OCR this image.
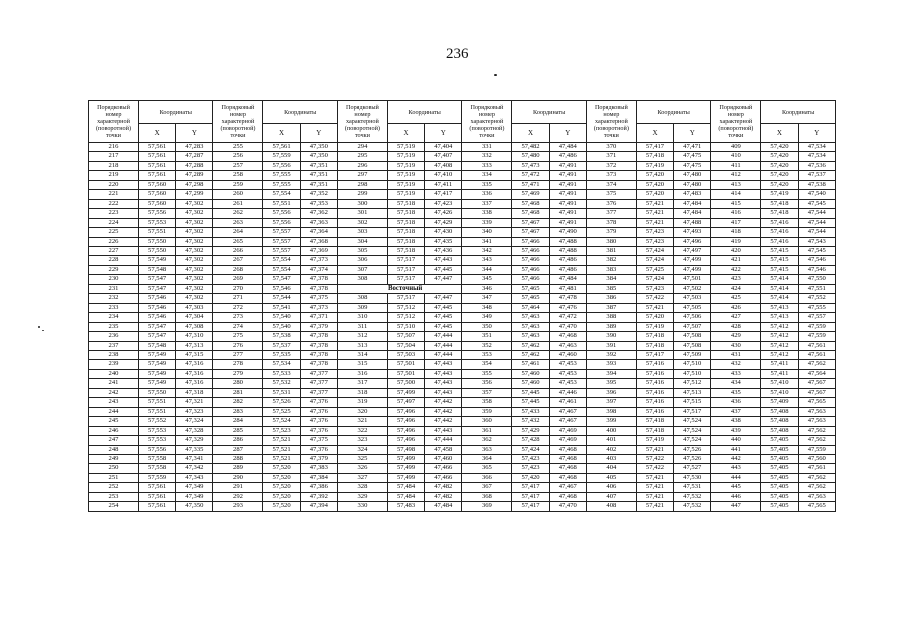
236
Порядковый номер характерной (поворотной) точки	Координаты		Порядковый номер характерной (поворотной) точки	Координаты		Порядковый номер характерной (поворотной) точки	Координаты		Порядковый номер характерной (поворотной) точки	Координаты		Порядковый номер характерной (поворотной) точки	Координаты		Порядковый номер характерной (поворотной) точки	Координаты	
	X	Y		X	Y		X	Y		X	Y		X	Y		X	Y
216	57,561	47,283	255	57,561	47,350	294	57,519	47,404	331	57,482	47,484	370	57,417	47,471	409	57,420	47,534
217	57,561	47,287	256	57,559	47,350	295	57,519	47,407	332	57,480	47,486	371	57,418	47,475	410	57,420	47,534
218	57,561	47,288	257	57,556	47,351	296	57,519	47,408	333	57,473	47,491	372	57,419	47,475	411	57,420	47,536
219	57,561	47,289	258	57,555	47,351	297	57,519	47,410	334	57,472	47,491	373	57,420	47,480	412	57,420	47,537
220	57,560	47,298	259	57,555	47,351	298	57,519	47,411	335	57,471	47,491	374	57,420	47,480	413	57,420	47,538
221	57,560	47,299	260	57,554	47,352	299	57,519	47,417	336	57,469	47,491	375	57,420	47,483	414	57,419	47,540
222	57,560	47,302	261	57,551	47,353	300	57,518	47,423	337	57,468	47,491	376	57,421	47,484	415	57,418	47,545
223	57,556	47,302	262	57,556	47,362	301	57,518	47,426	338	57,468	47,491	377	57,421	47,484	416	57,418	47,544
224	57,553	47,302	263	57,556	47,363	302	57,518	47,429	339	57,467	47,491	378	57,421	47,488	417	57,416	47,544
225	57,551	47,302	264	57,557	47,364	303	57,518	47,430	340	57,467	47,490	379	57,423	47,493	418	57,416	47,544
226	57,550	47,302	265	57,557	47,368	304	57,518	47,435	341	57,466	47,488	380	57,423	47,496	419	57,416	47,543
227	57,550	47,302	266	57,557	47,369	305	57,518	47,436	342	57,466	47,488	381	57,424	47,497	420	57,415	47,545
228	57,549	47,302	267	57,554	47,373	306	57,517	47,443	343	57,466	47,486	382	57,424	47,499	421	57,415	47,546
229	57,548	47,302	268	57,554	47,374	307	57,517	47,445	344	57,466	47,486	383	57,425	47,499	422	57,415	47,546
230	57,547	47,302	269	57,547	47,378	308	57,517	47,447	345	57,466	47,484	384	57,424	47,501	423	57,414	47,550
231	57,547	47,302	270	57,546	47,378	Восточный			346	57,465	47,481	385	57,423	47,502	424	57,414	47,551
232	57,546	47,302	271	57,544	47,375	308	57,517	47,447	347	57,465	47,478	386	57,422	47,503	425	57,414	47,552
233	57,546	47,303	272	57,541	47,373	309	57,512	47,445	348	57,464	47,476	387	57,421	47,505	426	57,413	47,555
234	57,546	47,304	273	57,540	47,371	310	57,512	47,445	349	57,463	47,472	388	57,420	47,506	427	57,413	47,557
235	57,547	47,308	274	57,540	47,379	311	57,510	47,445	350	57,463	47,470	389	57,419	47,507	428	57,412	47,559
236	57,547	47,310	275	57,538	47,378	312	57,507	47,444	351	57,463	47,468	390	57,418	47,508	429	57,412	47,559
237	57,548	47,313	276	57,537	47,378	313	57,504	47,444	352	57,462	47,463	391	57,418	47,508	430	57,412	47,561
238	57,549	47,315	277	57,535	47,378	314	57,503	47,444	353	57,462	47,460	392	57,417	47,509	431	57,412	47,561
239	57,549	47,316	278	57,534	47,378	315	57,501	47,443	354	57,461	47,453	393	57,416	47,510	432	57,411	47,562
240	57,549	47,316	279	57,533	47,377	316	57,501	47,443	355	57,460	47,453	394	57,416	47,510	433	57,411	47,564
241	57,549	47,316	280	57,532	47,377	317	57,500	47,443	356	57,460	47,453	395	57,416	47,512	434	57,410	47,567
242	57,550	47,318	281	57,531	47,377	318	57,499	47,443	357	57,445	47,446	396	57,416	47,513	435	57,410	47,567
243	57,551	47,321	282	57,526	47,376	319	57,497	47,442	358	57,445	47,461	397	57,416	47,515	436	57,409	47,565
244	57,551	47,323	283	57,525	47,376	320	57,496	47,442	359	57,433	47,467	398	57,416	47,517	437	57,408	47,563
245	57,552	47,324	284	57,524	47,376	321	57,496	47,442	360	57,432	47,467	399	57,418	47,524	438	57,408	47,563
246	57,553	47,328	285	57,523	47,376	322	57,496	47,443	361	57,429	47,469	400	57,418	47,524	439	57,408	47,562
247	57,553	47,329	286	57,521	47,375	323	57,496	47,444	362	57,428	47,469	401	57,419	47,524	440	57,405	47,562
248	57,556	47,335	287	57,521	47,376	324	57,498	47,458	363	57,424	47,468	402	57,421	47,526	441	57,405	47,559
249	57,558	47,341	288	57,521	47,379	325	57,499	47,460	364	57,423	47,468	403	57,422	47,526	442	57,405	47,560
250	57,558	47,342	289	57,520	47,383	326	57,499	47,466	365	57,423	47,468	404	57,422	47,527	443	57,405	47,561
251	57,559	47,343	290	57,520	47,384	327	57,499	47,466	366	57,420	47,468	405	57,421	47,530	444	57,405	47,562
252	57,561	47,349	291	57,520	47,386	328	57,484	47,482	367	57,417	47,467	406	57,421	47,531	445	57,405	47,562
253	57,561	47,349	292	57,520	47,392	329	57,484	47,482	368	57,417	47,468	407	57,421	47,532	446	57,405	47,563
254	57,561	47,350	293	57,520	47,394	330	57,483	47,484	369	57,417	47,470	408	57,421	47,532	447	57,405	47,565
